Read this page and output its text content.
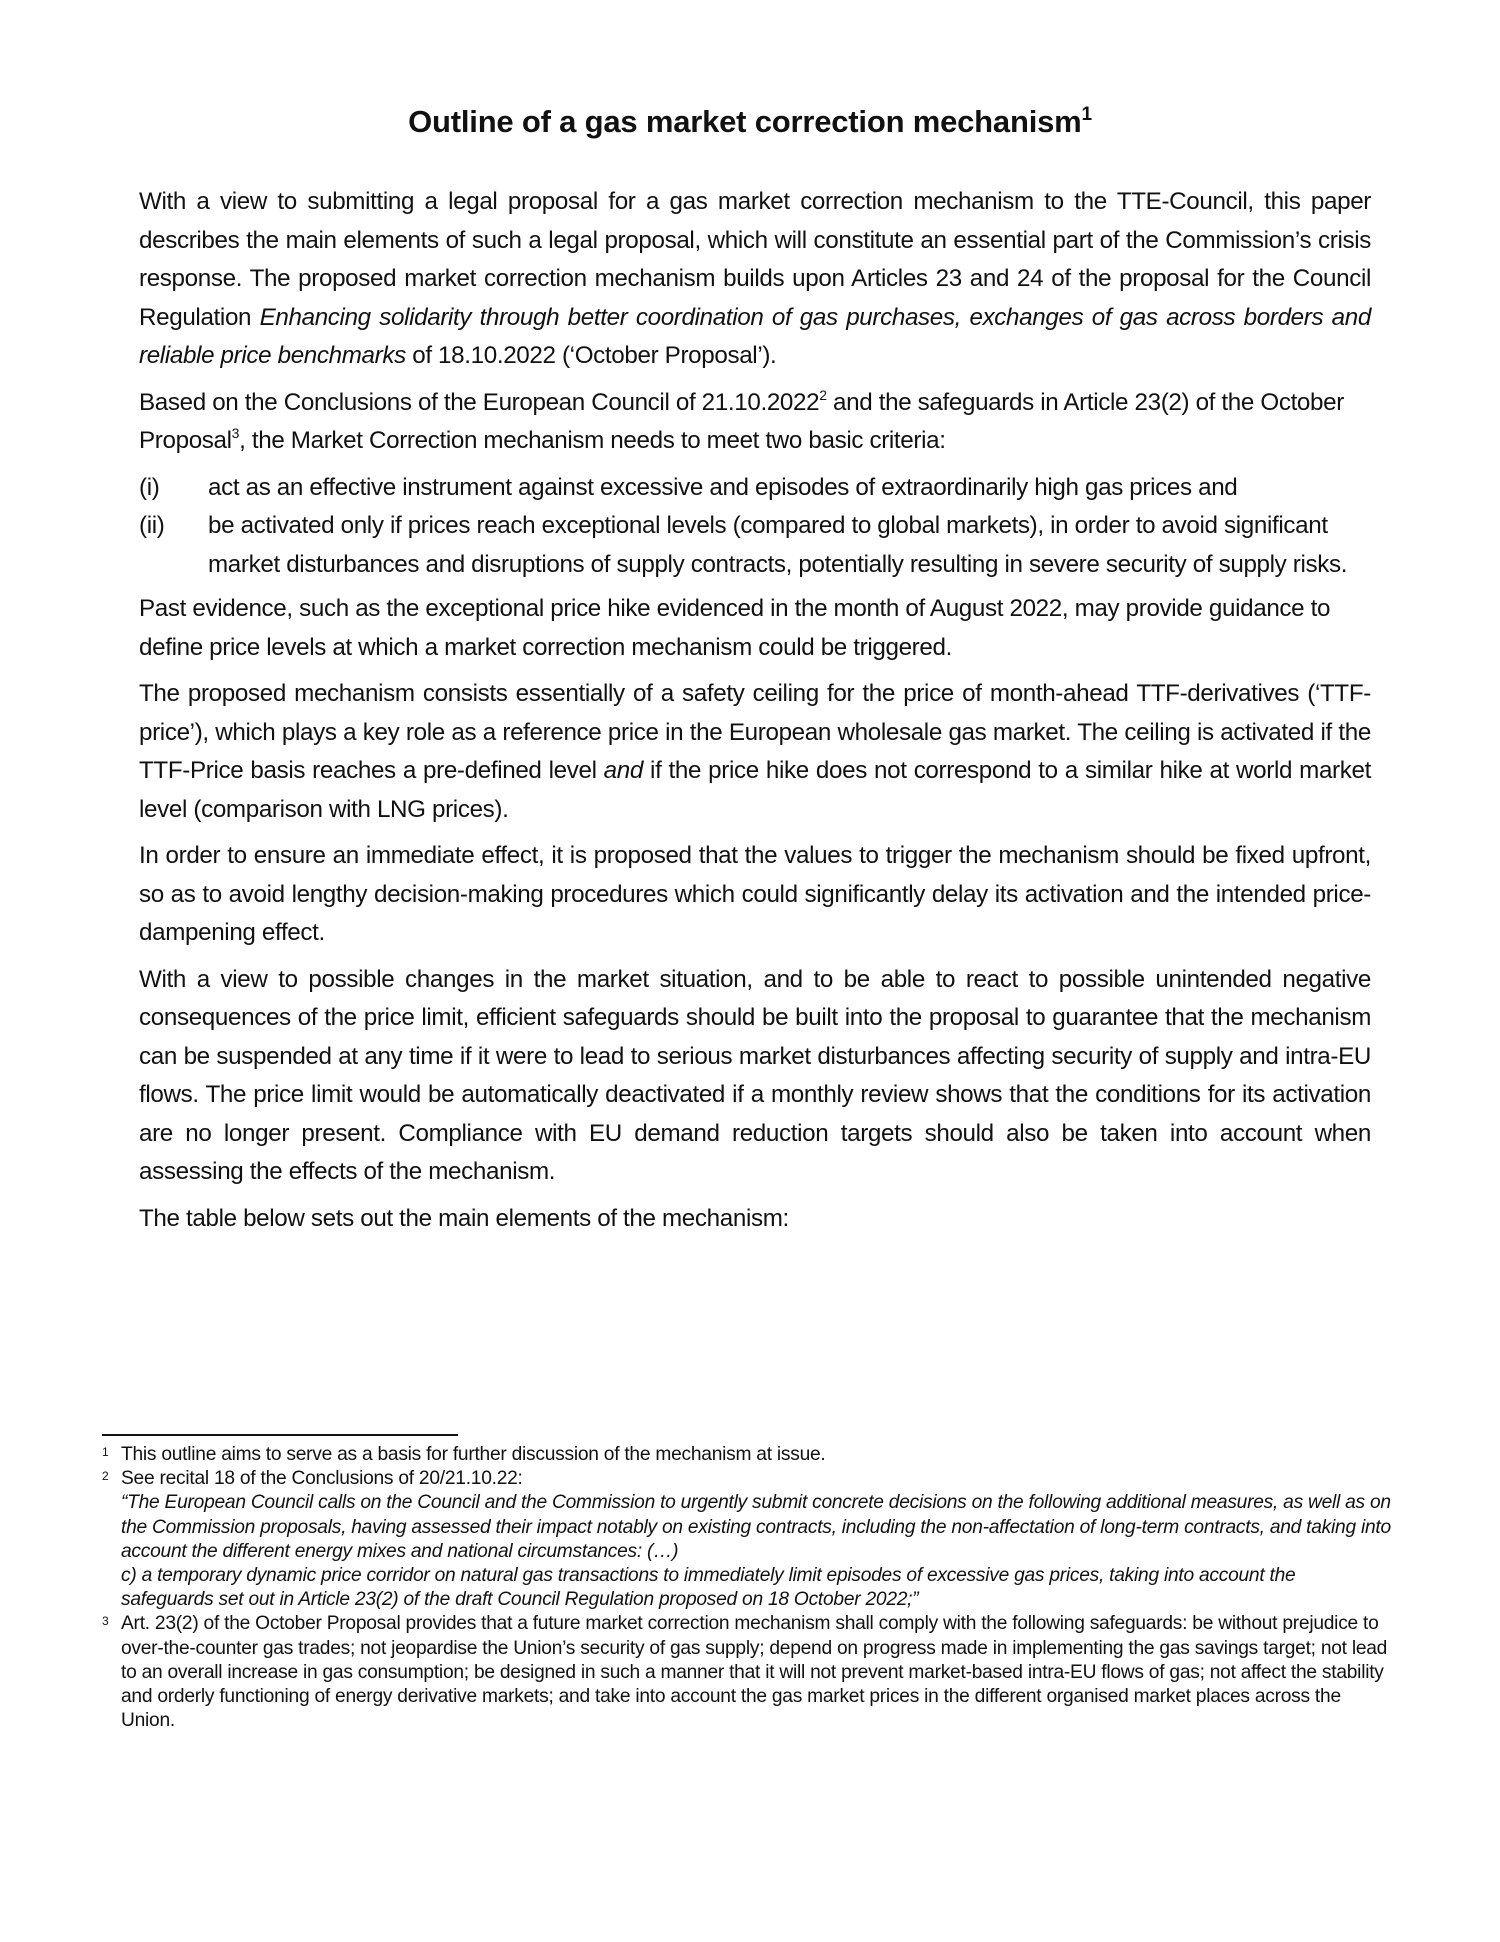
Outline of a gas market correction mechanism$^1$

With a view to submitting a legal proposal for a gas market correction mechanism to the TTE-Council, this paper describes the main elements of such a legal proposal, which will constitute an essential part of the Commission’s crisis response. The proposed market correction mechanism builds upon Articles 23 and 24 of the proposal for the Council Regulation Enhancing solidarity through better coordination of gas purchases, exchanges of gas across borders and reliable price benchmarks of 18.10.2022 (‘October Proposal’).

Based on the Conclusions of the European Council of 21.10.2022$^2$ and the safeguards in Article 23(2) of the October Proposal$^3$, the Market Correction mechanism needs to meet two basic criteria:

(i)	act as an effective instrument against excessive and episodes of extraordinarily high gas prices and
(ii)	be activated only if prices reach exceptional levels (compared to global markets), in order to avoid significant market disturbances and disruptions of supply contracts, potentially resulting in severe security of supply risks.

Past evidence, such as the exceptional price hike evidenced in the month of August 2022, may provide guidance to define price levels at which a market correction mechanism could be triggered.

The proposed mechanism consists essentially of a safety ceiling for the price of month-ahead TTF-derivatives (‘TTF-price’), which plays a key role as a reference price in the European wholesale gas market. The ceiling is activated if the TTF-Price basis reaches a pre-defined level and if the price hike does not correspond to a similar hike at world market level (comparison with LNG prices).

In order to ensure an immediate effect, it is proposed that the values to trigger the mechanism should be fixed upfront, so as to avoid lengthy decision-making procedures which could significantly delay its activation and the intended price-dampening effect.

With a view to possible changes in the market situation, and to be able to react to possible unintended negative consequences of the price limit, efficient safeguards should be built into the proposal to guarantee that the mechanism can be suspended at any time if it were to lead to serious market disturbances affecting security of supply and intra-EU flows. The price limit would be automatically deactivated if a monthly review shows that the conditions for its activation are no longer present. Compliance with EU demand reduction targets should also be taken into account when assessing the effects of the mechanism.

The table below sets out the main elements of the mechanism:

1 This outline aims to serve as a basis for further discussion of the mechanism at issue.

2 See recital 18 of the Conclusions of 20/21.10.22:

“The European Council calls on the Council and the Commission to urgently submit concrete decisions on the following additional measures, as well as on the Commission proposals, having assessed their impact notably on existing contracts, including the non-affectation of long-term contracts, and taking into account the different energy mixes and national circumstances: (…)

c) a temporary dynamic price corridor on natural gas transactions to immediately limit episodes of excessive gas prices, taking into account the safeguards set out in Article 23(2) of the draft Council Regulation proposed on 18 October 2022;”

3 Art. 23(2) of the October Proposal provides that a future market correction mechanism shall comply with the following safeguards: be without prejudice to over-the-counter gas trades; not jeopardise the Union’s security of gas supply; depend on progress made in implementing the gas savings target; not lead to an overall increase in gas consumption; be designed in such a manner that it will not prevent market-based intra-EU flows of gas; not affect the stability and orderly functioning of energy derivative markets; and take into account the gas market prices in the different organised market places across the Union.
